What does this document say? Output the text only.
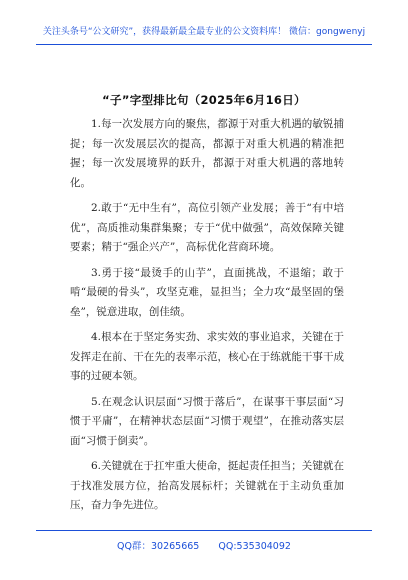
关注头条号“公文研究”，获得最新最全最专业的公文资料库！ 微信：gongwenyj
“子”字型排比句（2025年6月16日）

1.每一次发展方向的聚焦，都源于对重大机遇的敏锐捕捉；每一次发展层次的提高，都源于对重大机遇的精准把握；每一次发展境界的跃升，都源于对重大机遇的落地转化。

2.敢于“无中生有”，高位引领产业发展；善于“有中培优”，高质推动集群集聚；专于“优中做强”，高效保障关键要素；精于“强企兴产”，高标优化营商环境。

3.勇于接“最烫手的山芋”，直面挑战，不退缩；敢于啃“最硬的骨头”，攻坚克难，显担当；全力攻“最坚固的堡垒”，锐意进取，创佳绩。

4.根本在于坚定务实劲、求实效的事业追求，关键在于发挥走在前、干在先的表率示范，核心在于练就能干事干成事的过硬本领。

5.在观念认识层面“习惯于落后”，在谋事干事层面“习惯于平庸”，在精神状态层面“习惯于观望”，在推动落实层面“习惯于倒卖”。

6.关键就在于扛牢重大使命，挺起责任担当；关键就在于找准发展方位，抬高发展标杆；关键就在于主动负重加压，奋力争先进位。

QQ群：30265665 QQ:535304092
